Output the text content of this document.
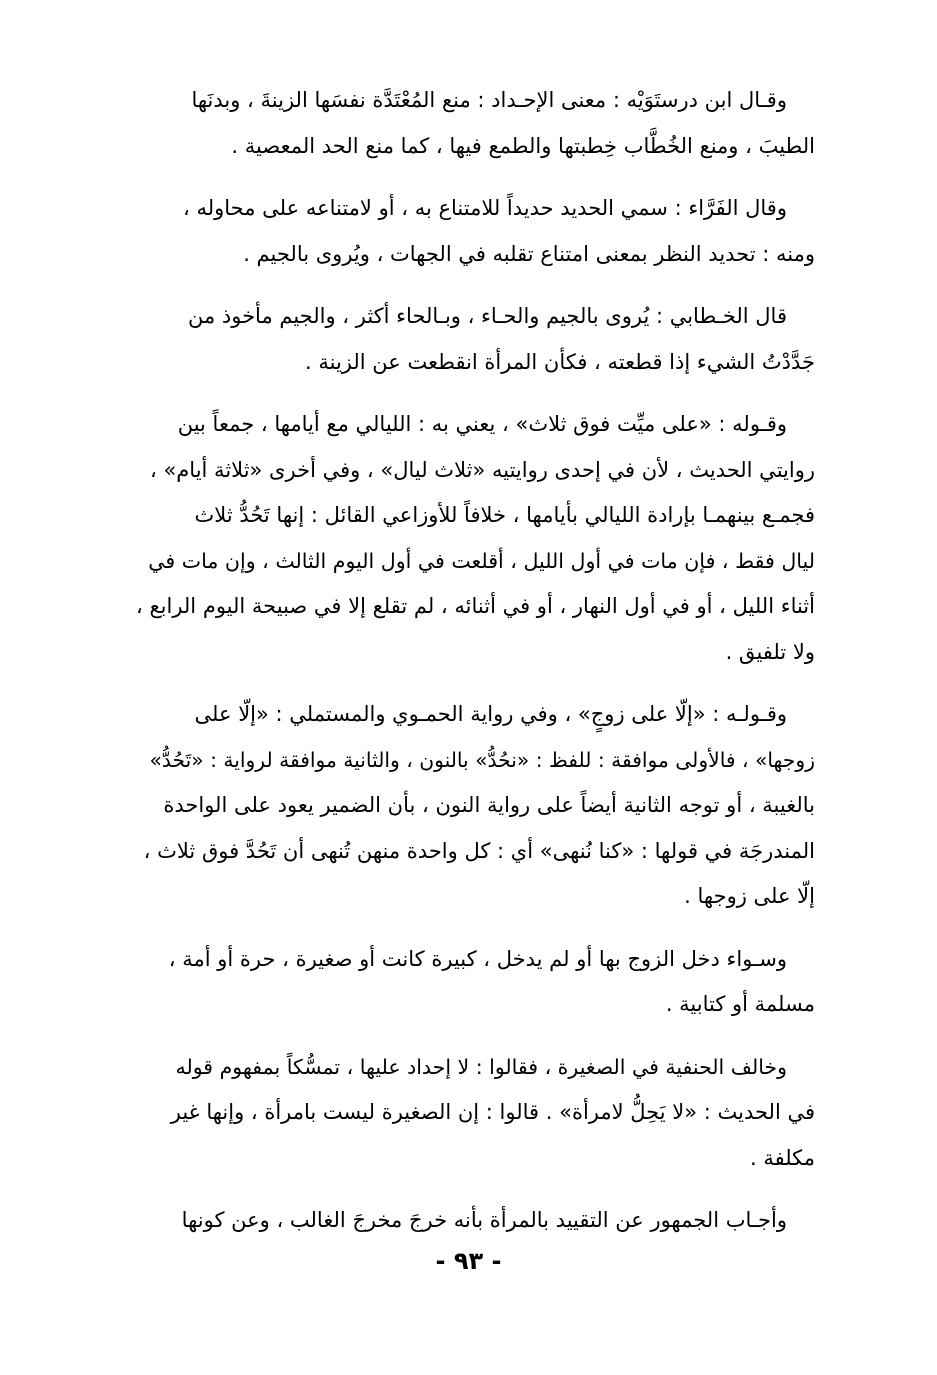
وقـال ابن درستَوَيْه : معنى الإحـداد : منع المُعْتَدَّة نفسَها الزينةَ ، وبدنَها
الطيبَ ، ومنع الخُطَّاب خِطبتها والطمع فيها ، كما منع الحد المعصية .

وقال الفَرَّاء : سمي الحديد حديداً للامتناع به ، أو لامتناعه على محاوله ،
ومنه : تحديد النظر بمعنى امتناع تقلبه في الجهات ، ويُروى بالجيم .

قال الخـطابي : يُروى بالجيم والحـاء ، وبـالحاء أكثر ، والجيم مأخوذ من
جَدَّدْتُ الشيء إذا قطعته ، فكأن المرأة انقطعت عن الزينة .

وقـوله : «على ميِّت فوق ثلاث» ، يعني به : الليالي مع أيامها ، جمعاً بين
روايتي الحديث ، لأن في إحدى روايتيه «ثلاث ليال» ، وفي أخرى «ثلاثة أيام» ،
فجمـع بينهمـا بإرادة الليالي بأيامها ، خلافاً للأوزاعي القائل : إنها تَحُدُّ ثلاث
ليال فقط ، فإن مات في أول الليل ، أقلعت في أول اليوم الثالث ، وإن مات في
أثناء الليل ، أو في أول النهار ، أو في أثنائه ، لم تقلع إلا في صبيحة اليوم الرابع ،
ولا تلفيق .

وقـولـه : «إلّا على زوجٍ» ، وفي رواية الحمـوي والمستملي : «إلّا على
زوجها» ، فالأولى موافقة : للفظ : «نحُدُّ» بالنون ، والثانية موافقة لرواية : «تَحُدُّ»
بالغيبة ، أو توجه الثانية أيضاً على رواية النون ، بأن الضمير يعود على الواحدة
المندرجَة في قولها : «كنا نُنهى» أي : كل واحدة منهن تُنهى أن تَحُدَّ فوق ثلاث ،
إلّا على زوجها .

وسـواء دخل الزوج بها أو لم يدخل ، كبيرة كانت أو صغيرة ، حرة أو أمة ،
مسلمة أو كتابية .

وخالف الحنفية في الصغيرة ، فقالوا : لا إحداد عليها ، تمسُّكاً بمفهوم قوله
في الحديث : «لا يَحِلُّ لامرأة» . قالوا : إن الصغيرة ليست بامرأة ، وإنها غير
مكلفة .

وأجـاب الجمهور عن التقييد بالمرأة بأنه خرجَ مخرجَ الغالب ، وعن كونها

- ٩٣ -
